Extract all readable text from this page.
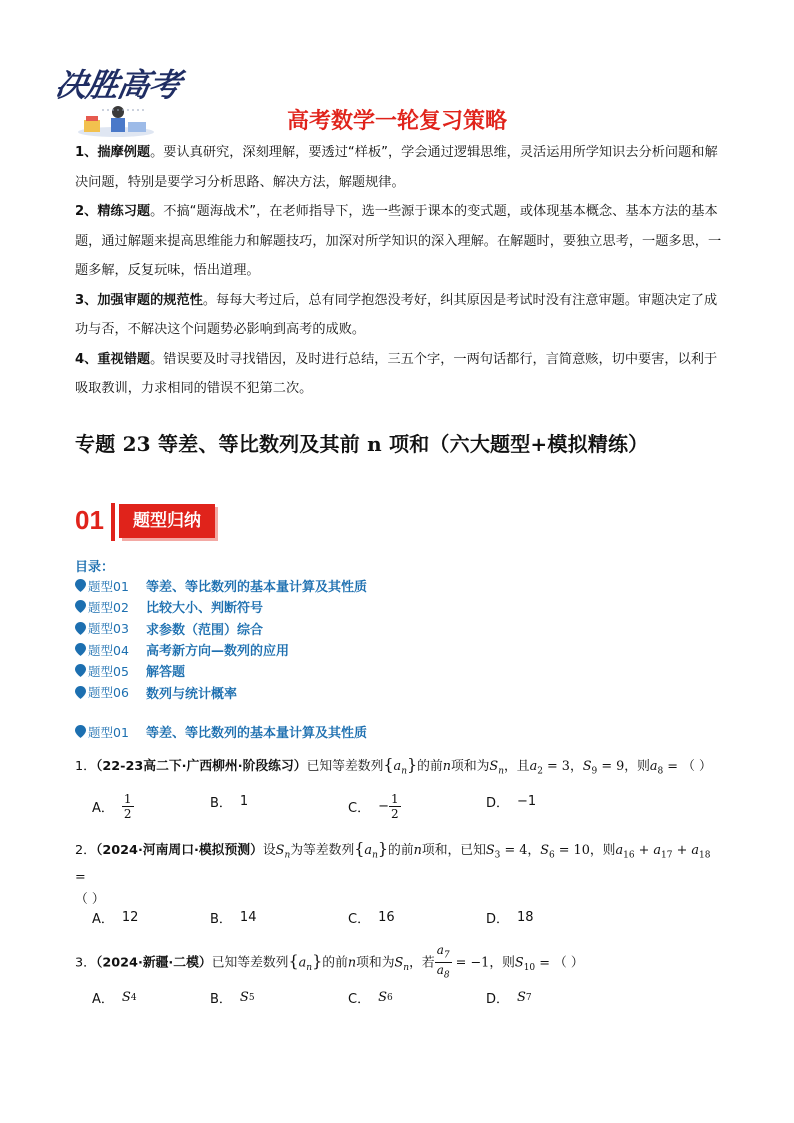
决胜高考
高考数学一轮复习策略

1、揣摩例题。要认真研究，深刻理解，要透过“样板”，学会通过逻辑思维，灵活运用所学知识去分析问题和解决问题，特别是要学习分析思路、解决方法，解题规律。

2、精练习题。不搞“题海战术”，在老师指导下，选一些源于课本的变式题，或体现基本概念、基本方法的基本题，通过解题来提高思维能力和解题技巧，加深对所学知识的深入理解。在解题时，要独立思考，一题多思，一题多解，反复玩味，悟出道理。

3、加强审题的规范性。每每大考过后，总有同学抱怨没考好，纠其原因是考试时没有注意审题。审题决定了成功与否，不解决这个问题势必影响到高考的成败。

4、重视错题。错误要及时寻找错因，及时进行总结，三五个字，一两句话都行，言简意赅，切中要害，以利于吸取教训，力求相同的错误不犯第二次。

专题 23 等差、等比数列及其前 n 项和（六大题型+模拟精练）
01	题型归纳
目录：
题型01	等差、等比数列的基本量计算及其性质
题型02	比较大小、判断符号
题型03	求参数（范围）综合
题型04	高考新方向—数列的应用
题型05	解答题
题型06	数列与统计概率
题型01	等差、等比数列的基本量计算及其性质
1．（22-23高二下·广西柳州·阶段练习）已知等差数列$\{a_n\}$的前n项和为$S_n$，且$a_2 = 3$，$S_9 = 9$，则$a_8$ = （ ）
A． $\frac{1}{2}$	B． 1	C． − $\frac{1}{2}$	D． −1
2．（2024·河南周口·模拟预测）设$S_n$为等差数列$\{a_n\}$的前n项和，已知$S_3 = 4$，$S_6 = 10$，则$a_{16} + a_{17} + a_{18}$ =
（ ）
A． 12	B． 14	C． 16	D． 18
3．（2024·新疆·二模）已知等差数列$\{a_n\}$的前n项和为$S_n$，若 $\frac{a_7}{a_8} = -1$，则$S_{10}$ = （ ）
A． S 4	B． S 5	C． S 6	D． S 7
